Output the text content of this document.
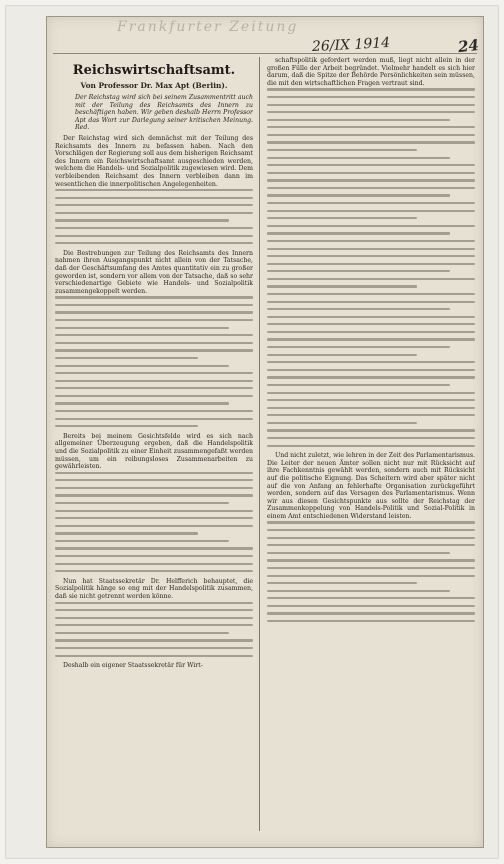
Frankfurter Zeitung
26/IX 1914	24
Reichswirtschaftsamt.
Von Professor Dr. Max Apt (Berlin).
Der Reichstag wird sich bei seinem Zusammentritt auch mit der Teilung des Reichsamts des Innern zu beschäftigen haben. Wir geben deshalb Herrn Professor Apt das Wort zur Darlegung seiner kritischen Meinung. Red.

Der Reichstag wird sich demnächst mit der Teilung des Reichsamts des Innern zu befassen haben. Nach den Vorschlägen der Regierung soll aus dem bisherigen Reichsamt des Innern ein Reichswirtschaftsamt ausgeschieden werden, welchem die Handels- und Sozialpolitik zugewiesen wird. Dem verbleibenden Reichsamt des Innern verbleiben dann im wesentlichen die innerpolitischen Angelegenheiten.

Die Bestrebungen zur Teilung des Reichsamts des Innern nahmen ihren Ausgangspunkt nicht allein von der Tatsache, daß der Geschäftsumfang des Amtes quantitativ ein zu großer geworden ist, sondern vor allem von der Tatsache, daß so sehr verschiedenartige Gebiete wie Handels- und Sozialpolitik zusammengekoppelt werden.

Bereits bei meinem Gesichtsfelde wird es sich nach allgemeiner Überzeugung ergeben, daß die Handelspolitik und die Sozialpolitik zu einer Einheit zusammengefaßt werden müssen, um ein reibungsloses Zusammenarbeiten zu gewährleisten.

Nun hat Staatssekretär Dr. Helfferich behauptet, die Sozialpolitik hänge so eng mit der Handelspolitik zusammen, daß sie nicht getrennt werden könne.

Deshalb ein eigener Staatssekretär für Wirt-

schaftspolitik gefordert werden muß, liegt nicht allein in der großen Fülle der Arbeit begründet. Vielmehr handelt es sich hier darum, daß die Spitze der Behörde Persönlichkeiten sein müssen, die mit den wirtschaftlichen Fragen vertraut sind.

Und nicht zuletzt, wie lehren in der Zeit des Parlamentarismus. Die Leiter der neuen Ämter sollen nicht nur mit Rücksicht auf ihre Fachkenntnis gewählt werden, sondern auch mit Rücksicht auf die politische Eignung. Das Scheitern wird aber später nicht auf die von Anfang an fehlerhafte Organisation zurückgeführt werden, sondern auf das Versagen des Parlamentarismus. Wenn wir aus diesen Gesichtspunkte aus sollte der Reichstag der Zusammenkoppelung von Handels-Politik und Sozial-Politik in einem Amt entschiedenen Widerstand leisten.
